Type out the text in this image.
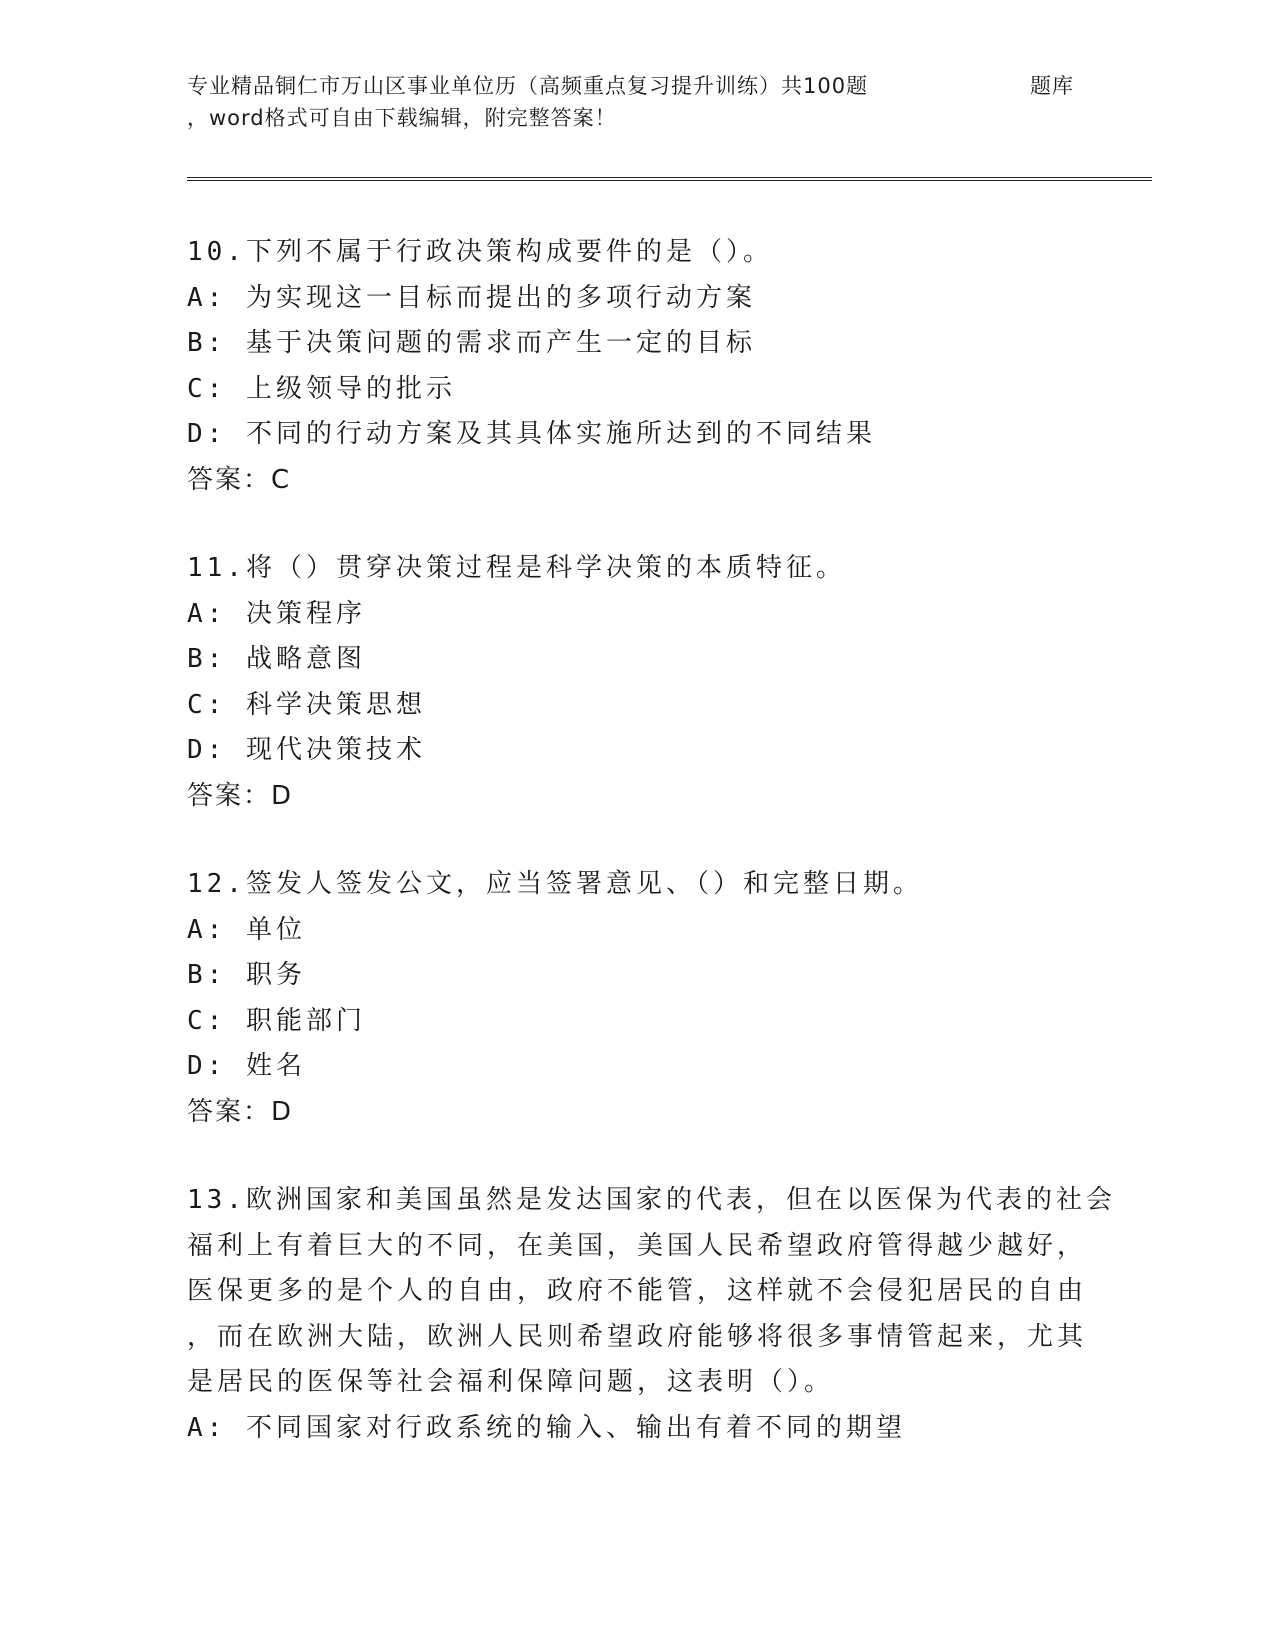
专业精品铜仁市万山区事业单位历（高频重点复习提升训练）共100题	题库
，word格式可自由下载编辑，附完整答案！
10.下列不属于行政决策构成要件的是（）。
A: 为实现这一目标而提出的多项行动方案
B: 基于决策问题的需求而产生一定的目标
C: 上级领导的批示
D: 不同的行动方案及其具体实施所达到的不同结果
答案：C
11.将（）贯穿决策过程是科学决策的本质特征。
A: 决策程序
B: 战略意图
C: 科学决策思想
D: 现代决策技术
答案：D
12.签发人签发公文，应当签署意见、（）和完整日期。
A: 单位
B: 职务
C: 职能部门
D: 姓名
答案：D
13.欧洲国家和美国虽然是发达国家的代表，但在以医保为代表的社会
福利上有着巨大的不同，在美国，美国人民希望政府管得越少越好，
医保更多的是个人的自由，政府不能管，这样就不会侵犯居民的自由
，而在欧洲大陆，欧洲人民则希望政府能够将很多事情管起来，尤其
是居民的医保等社会福利保障问题，这表明（）。
A: 不同国家对行政系统的输入、输出有着不同的期望
